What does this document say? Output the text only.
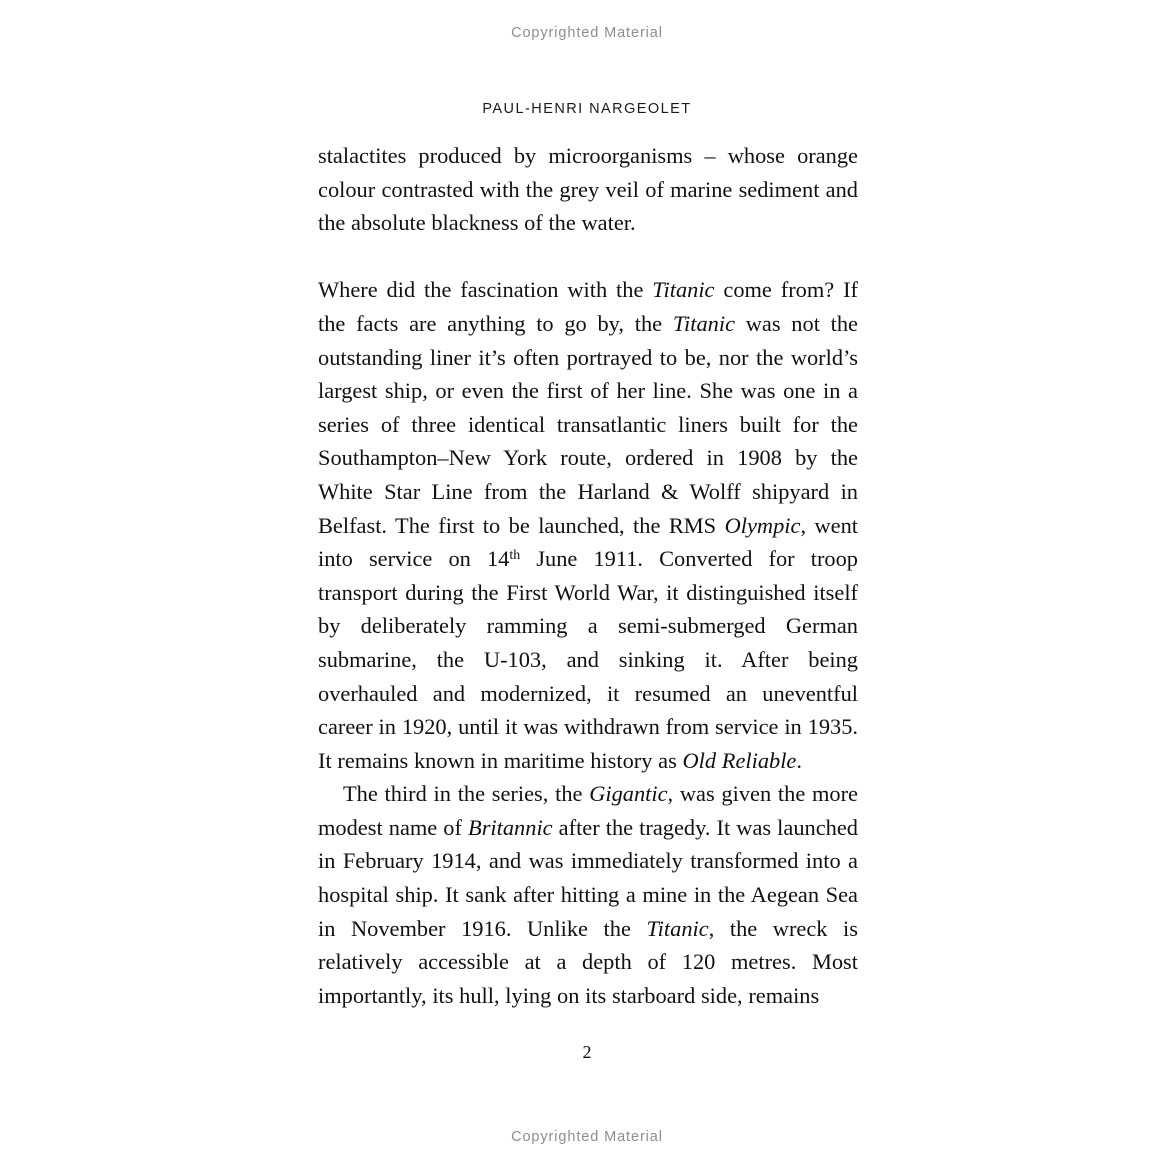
Copyrighted Material
PAUL-HENRI NARGEOLET

stalactites produced by microorganisms – whose orange colour contrasted with the grey veil of marine sediment and the absolute blackness of the water.

Where did the fascination with the Titanic come from? If the facts are anything to go by, the Titanic was not the outstanding liner it’s often portrayed to be, nor the world’s largest ship, or even the first of her line. She was one in a series of three identical transatlantic liners built for the Southampton–New York route, ordered in 1908 by the White Star Line from the Harland & Wolff shipyard in Belfast. The first to be launched, the RMS Olympic, went into service on 14th June 1911. Converted for troop transport during the First World War, it distinguished itself by deliberately ramming a semi-submerged German submarine, the U-103, and sinking it. After being overhauled and modernized, it resumed an uneventful career in 1920, until it was withdrawn from service in 1935. It remains known in maritime history as Old Reliable.

The third in the series, the Gigantic, was given the more modest name of Britannic after the tragedy. It was launched in February 1914, and was immediately transformed into a hospital ship. It sank after hitting a mine in the Aegean Sea in November 1916. Unlike the Titanic, the wreck is relatively accessible at a depth of 120 metres. Most importantly, its hull, lying on its starboard side, remains

2
Copyrighted Material
